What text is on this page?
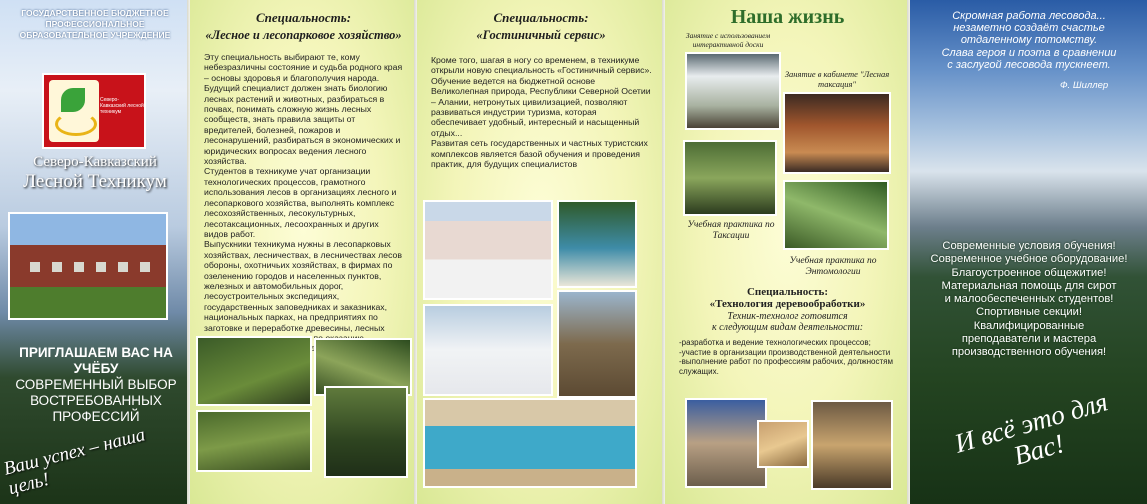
ГОСУДАРСТВЕННОЕ БЮДЖЕТНОЕ ПРОФЕССИОНАЛЬНОЕ ОБРАЗОВАТЕЛЬНОЕ УЧРЕЖДЕНИЕ
Северо-Кавказский лесной техникум
Северо-Кавказский
Лесной Техникум
ПРИГЛАШАЕМ ВАС НА УЧЁБУ
СОВРЕМЕННЫЙ ВЫБОР ВОСТРЕБОВАННЫХ ПРОФЕССИЙ
Ваш успех – наша цель!
Специальность:
«Лесное и лесопарковое хозяйство»
Эту специальность выбирают те, кому небезразличны состояние и судьба родного края – основы здоровья и благополучия народа.
Будущий специалист должен знать биологию лесных растений и животных, разбираться в почвах, понимать сложную жизнь лесных сообществ, знать правила защиты от вредителей, болезней, пожаров и лесонарушений, разбираться в экономических и юридических вопросах ведения лесного хозяйства.
Студентов в техникуме учат организации технологических процессов, грамотного использования лесов в организациях лесного и лесопаркового хозяйства, выполнять комплекс лесохозяйственных, лесокультурных, лесотаксационных, лесоохранных и других видов работ.
Выпускники техникума нужны в лесопарковых хозяйствах, лесничествах, в лесничествах лесов обороны, охотничьих хозяйствах, в фирмах по озеленению городов и населенных пунктов, железных и автомобильных дорог, лесоустроительных экспедициях, государственных заповедниках и заказниках, национальных парках, на предприятиях по заготовке и переработке древесины, лесных
Специальность:
«Гостиничный сервис»
Кроме того, шагая в ногу со временем, в техникуме открыли новую специальность «Гостиничный сервис».
Обучение ведется на бюджетной основе Великолепная природа, Республики Северной Осетии – Алании, нетронутых цивилизацией, позволяют развиваться индустрии туризма, которая обеспечивает удобный, интересный и насыщенный отдых...
Развитая сеть государственных и частных туристских комплексов является базой обучения и проведения практик, для будущих специалистов
Наша жизнь
Занятие с использованием интерактивной доски
Занятие в кабинете "Лесная таксация"
Учебная практика по Таксации
Учебная практика по Энтомологии
Специальность:
«Технология деревообработки»
Техник-технолог готовится
к следующим видам деятельности:
-разработка и ведение технологических процессов;
-участие в организации производственной деятельности
-выполнение работ по профессиям рабочих, должностям служащих.
Скромная работа лесовода...
незаметно создаёт счастье
отдаленному потомству.
Слава героя и поэта в сравнении
с заслугой лесовода тускнеет.
Ф. Шиллер
Современные условия обучения!
Современное учебное оборудование!
Благоустроенное общежитие!
Материальная помощь для сирот
и малообеспеченных студентов!
Спортивные секции!
Квалифицированные
преподаватели и мастера
производственного обучения!
И всё это для Вас!
